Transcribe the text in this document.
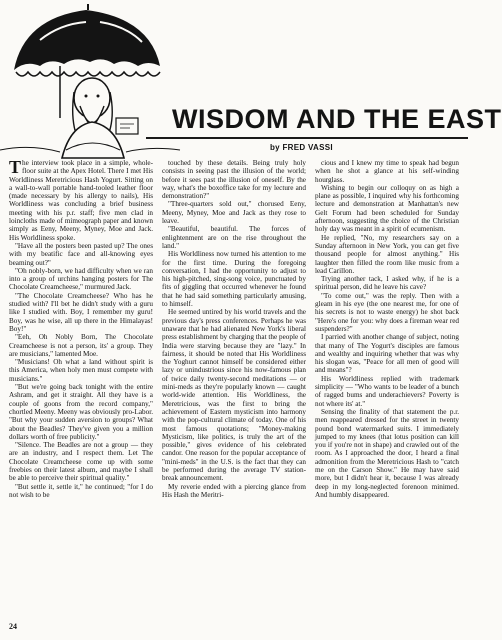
WISDOM AND THE EAST
by FRED VASSI

The interview took place in a simple, whole-floor suite at the Apex Hotel. There I met His Worldliness Meretricious Hash Yogurt. Sitting on a wall-to-wall portable hand-tooled leather floor (made necessary by his allergy to nails), His Worldliness was concluding a brief business meeting with his p.r. staff; five men clad in loincloths made of mimeograph paper and known simply as Eeny, Meeny, Myney, Moe and Jack. His Worldliness spoke.

"Have all the posters been pasted up? The ones with my beatific face and all-knowing eyes beaming out?"

"Oh nobly-born, we had difficulty when we ran into a group of urchins hanging posters for The Chocolate Creamcheese," murmured Jack.

"The Chocolate Creamcheese? Who has he studied with? I'll bet he didn't study with a guru like I studied with. Boy, I remember my guru! Boy, was he wise, all up there in the Himalayas! Boy!"

"Eeh, Oh Nobly Born, The Chocolate Creamcheese is not a person, its' a group. They are musicians," lamented Moe.

"Musicians! Oh what a land without spirit is this America, when holy men must compete with musicians."

"But we're going back tonight with the entire Ashram, and get it straight. All they have is a couple of goons from the record company," chortled Meeny. Meeny was obviously pro-Labor. "But why your sudden aversion to groups? What about the Beadles? They've given you a million dollars worth of free publicity."

"Silence. The Beadles are not a group — they are an industry, and I respect them. Let The Chocolate Creamcheese come up with some freebies on their latest album, and maybe I shall be able to perceive their spiritual quality."

"But settle it, settle it," he continued; "for I do not wish to be

touched by these details. Being truly holy consists in seeing past the illusion of the world; before it sees past the illusion of oneself. By the way, what's the boxoffice take for my lecture and demonstration?"

"Three-quarters sold out," chorused Eeny, Meeny, Myney, Moe and Jack as they rose to leave.

"Beautiful, beautiful. The forces of enlightenment are on the rise throughout the land."

His Worldliness now turned his attention to me for the first time. During the foregoing conversation, I had the opportunity to adjust to his high-pitched, sing-song voice, punctuated by fits of giggling that occurred whenever he found that he had said something particularly amusing, to himself.

He seemed untired by his world travels and the previous day's press conferences. Perhaps he was unaware that he had alienated New York's liberal press establishment by charging that the people of India were starving because they are "lazy." In fairness, it should be noted that His Worldliness the Yoghurt cannot himself be considered either lazy or unindustrious since his now-famous plan of twice daily twenty-second meditations — or mini-meds as they're popularly known — caught world-wide attention. His Worldliness, the Meretricious, was the first to bring the achievement of Eastern mysticism into harmony with the pop-cultural climate of today. One of his most famous quotations; "Money-making Mysticism, like politics, is truly the art of the possible," gives evidence of his celebrated candor. One reason for the popular acceptance of "mini-meds" in the U.S. is the fact that they can be performed during the average TV station-break announcement.

My reverie ended with a piercing glance from His Hash the Meritri-

cious and I knew my time to speak had begun when he shot a glance at his self-winding hourglass.

Wishing to begin our colloquy on as high a plane as possible, I inquired why his forthcoming lecture and demonstration at Manhattan's new Gelt Forum had been scheduled for Sunday afternoon, suggesting the choice of the Christian holy day was meant in a spirit of ecumenism.

He replied, "No, my researchers say on a Sunday afternoon in New York, you can get five thousand people for almost anything." His laughter then filled the room like music from a lead Carillon.

Trying another tack, I asked why, if he is a spiritual person, did he leave his cave?

"To come out," was the reply. Then with a gleam in his eye (the one nearest me, for one of his secrets is not to waste energy) he shot back "Here's one for you: why does a fireman wear red suspenders?"

I parried with another change of subject, noting that many of The Yogurt's disciples are famous and wealthy and inquiring whether that was why his slogan was, "Peace for all men of good will and means"?

His Worldliness replied with trademark simplicity — "Who wants to be leader of a bunch of ragged bums and underachievers? Poverty is not where its' at."

Sensing the finality of that statement the p.r. men reappeared dressed for the street in twenty pound bond watermarked suits. I immediately jumped to my knees (that lotus position can kill you if you're not in shape) and crawled out of the room. As I approached the door, I heard a final admonition from the Meretricious Hash to "catch me on the Carson Show." He may have said more, but I didn't hear it, because I was already deep in my long-neglected forenoon minimed. And humbly disappeared.

24
